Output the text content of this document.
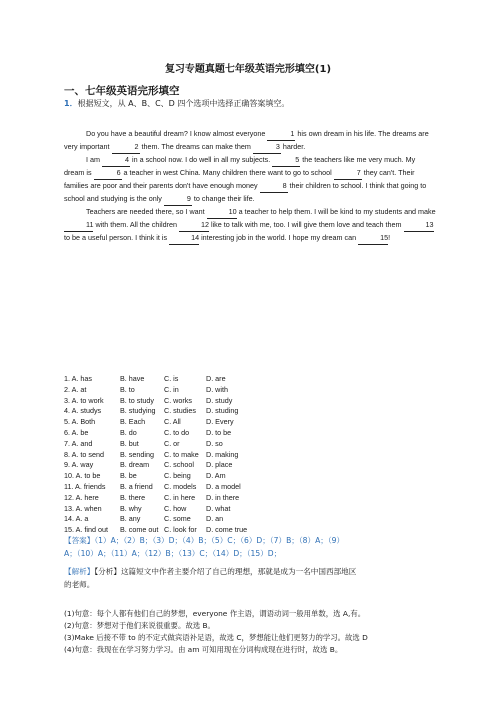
复习专题真题七年级英语完形填空(1)
一、七年级英语完形填空
1．根据短文，从 A、B、C、D 四个选项中选择正确答案填空。

Do you have a beautiful dream? I know almost everyone	1 his own dream in his life. The dreams are very important	2 them. The dreams can make them	3 harder.

I am	4 in a school now. I do well in all my subjects.	5 the teachers like me very much. My dream is	6 a teacher in west China. Many children there want to go to school	7 they can't. Their families are poor and their parents don't have enough money	8 their children to school. I think that going to school and studying is the only	9 to change their life.

Teachers are needed there, so I want	10 a teacher to help them. I will be kind to my students and make 11 with them. All the children	12 like to talk with me, too. I will give them love and teach them	13 to be a useful person. I think it is	14 interesting job in the world. I hope my dream can	15!

1. A. has	B. have	C. is	D. are
2. A. at	B. to	C. in	D. with
3. A. to work	B. to study	C. works	D. study
4. A. studys	B. studying	C. studies	D. studing
5. A. Both	B. Each	C. All	D. Every
6. A. be	B. do	C. to do	D. to be
7. A. and	B. but	C. or	D. so
8. A. to send	B. sending	C. to make	D. making
9. A. way	B. dream	C. school	D. place
10. A. to be	B. be	C. being	D. Am
11. A. friends	B. a friend	C. models	D. a model
12. A. here	B. there	C. in here	D. in there
13. A. when	B. why	C. how	D. what
14. A. a	B. any	C. some	D. an
15. A. find out	B. come out C. look for	D. come true
【答案】（1）A；（2）B；（3）D；（4）B；（5）C；（6）D；（7）B；（8）A；（9）
A；（10）A；（11）A；（12）B；（13）C；（14）D；（15）D；
【解析】【分析】这篇短文中作者主要介绍了自己的理想，那就是成为一名中国西部地区
的老师。
(1)句意：每个人都有他们自己的梦想，everyone 作主语，谓语动词一般用单数，选 A,有。
(2)句意：梦想对于他们来说很重要。故选 B。
(3)Make 后接不带 to 的不定式做宾语补足语，故选 C，梦想能让他们更努力的学习。故选 D
(4)句意：我现在在学习努力学习。由 am 可知用现在分词构成现在进行时，故选 B。
